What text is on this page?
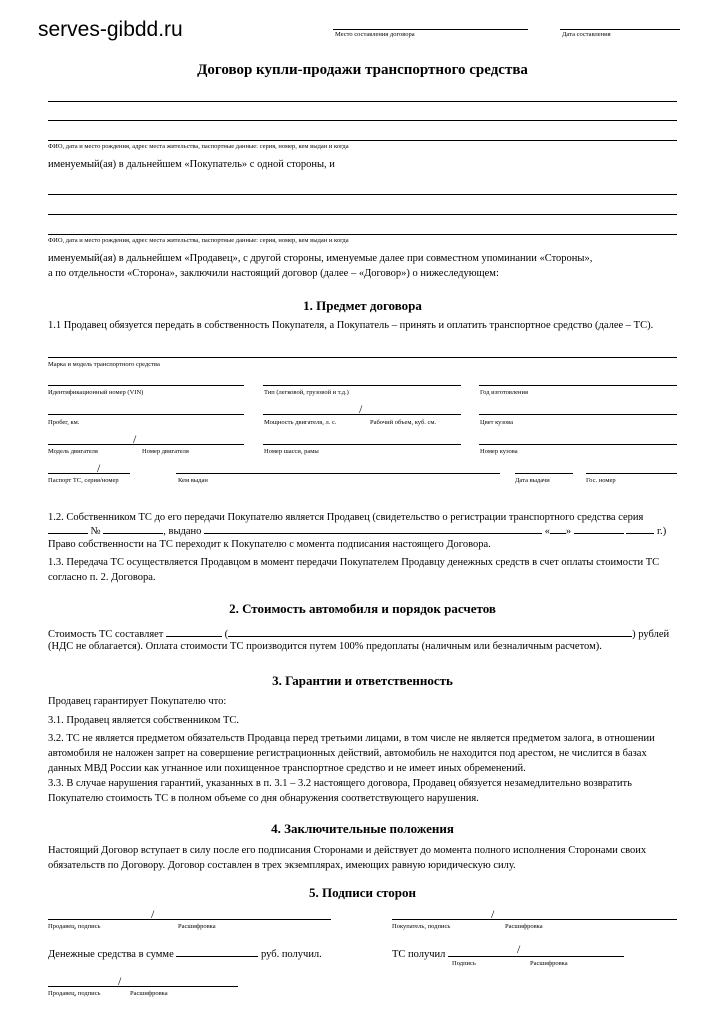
serves-gibdd.ru	Место составления договора	Дата составления
Договор купли-продажи транспортного средства
ФИО, дата и место рождения, адрес места жительства, паспортные данные: серия, номер, кем выдан и когда
именуемый(ая) в дальнейшем «Покупатель» с одной стороны, и
ФИО, дата и место рождения, адрес места жительства, паспортные данные: серия, номер, кем выдан и когда
именуемый(ая) в дальнейшем «Продавец», с другой стороны, именуемые далее при совместном упоминании «Стороны»,
а по отдельности «Сторона», заключили настоящий договор (далее – «Договор») о нижеследующем:
1. Предмет договора
1.1 Продавец обязуется передать в собственность Покупателя, а Покупатель – принять и оплатить транспортное средство (далее – ТС).
Марка и модель транспортного средства
Идентификационный номер (VIN)	Тип (легковой, грузовой и т.д.)	Год изготовления
/
Пробег, км.	Мощность двигателя, л. с.	Рабочий объем, куб. см.	Цвет кузова
/
Модель двигателя	Номер двигателя	Номер шасси, рамы	Номер кузова
/
Паспорт ТС, серия/номер	Кем выдан	Дата выдачи	Гос. номер
1.2. Собственником ТС до его передачи Покупателю является Продавец (свидетельство о регистрации транспортного средства серия
№	, выдано	« »	г.)
Право собственности на ТС переходит к Покупателю с момента подписания настоящего Договора.
1.3. Передача ТС осуществляется Продавцом в момент передачи Покупателем Продавцу денежных средств в счет оплаты стоимости ТС согласно п. 2. Договора.
2. Стоимость автомобиля и порядок расчетов
Стоимость ТС составляет	(	) рублей
(НДС не облагается). Оплата стоимости ТС производится путем 100% предоплаты (наличным или безналичным расчетом).
3. Гарантии и ответственность
Продавец гарантирует Покупателю что:
3.1. Продавец является собственником ТС.
3.2. ТС не является предметом обязательств Продавца перед третьими лицами, в том числе не является предметом залога, в отношении автомобиля не наложен запрет на совершение регистрационных действий, автомобиль не находится под арестом, не числится в базах данных МВД России как угнанное или похищенное транспортное средство и не имеет иных обременений.
3.3. В случае нарушения гарантий, указанных в п. 3.1 – 3.2 настоящего договора, Продавец обязуется незамедлительно возвратить Покупателю стоимость ТС в полном объеме со дня обнаружения соответствующего нарушения.
4. Заключительные положения
Настоящий Договор вступает в силу после его подписания Сторонами и действует до момента полного исполнения Сторонами своих обязательств по Договору. Договор составлен в трех экземплярах, имеющих равную юридическую силу.
5. Подписи сторон
/
Продавец, подпись	Расшифровка
/
Покупатель, подпись	Расшифровка
Денежные средства в сумме	руб. получил.	ТС получил	/
Подпись	Расшифровка
/
Продавец, подпись	Расшифровка
